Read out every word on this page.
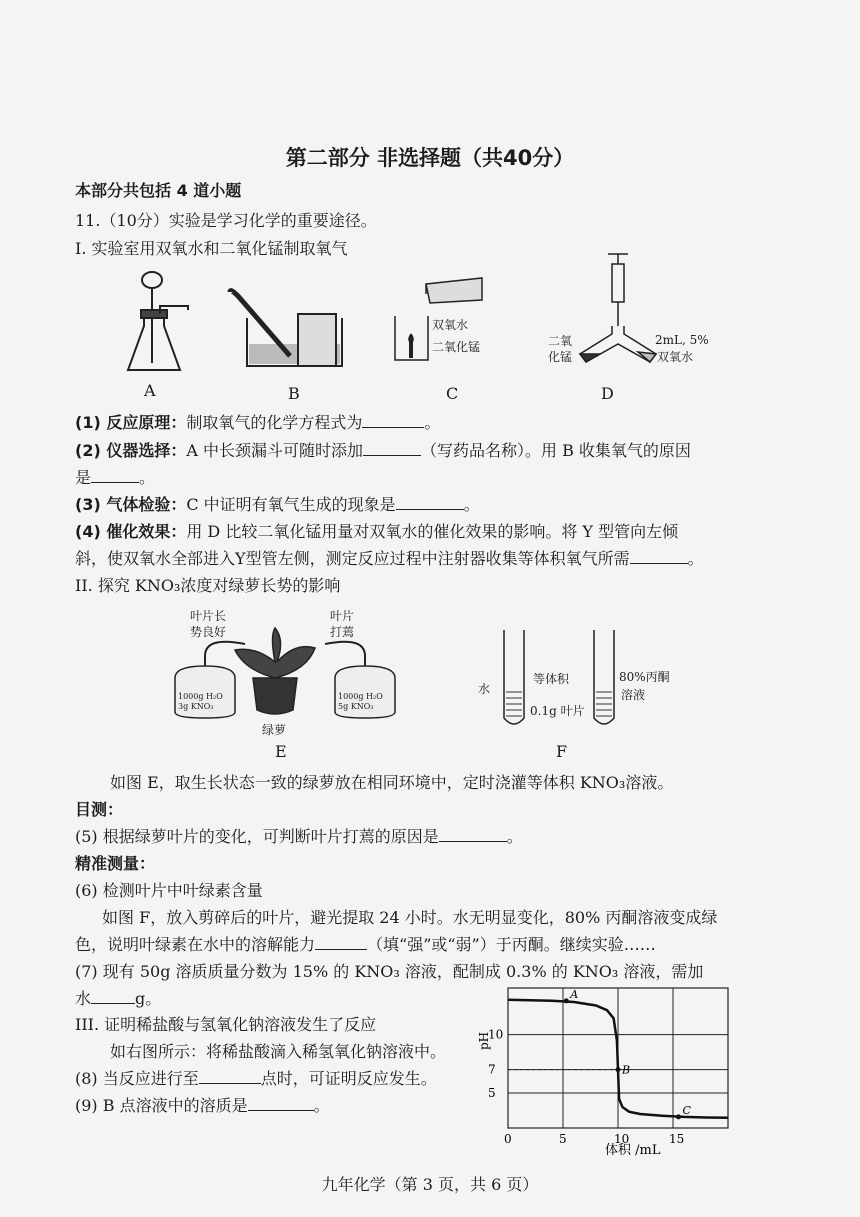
第二部分 非选择题（共40分）
本部分共包括 4 道小题
11.（10分）实验是学习化学的重要途径。
I. 实验室用双氧水和二氧化锰制取氧气
A	B	C	D
双氧水
二氧化锰	二氧
化锰
2mL, 5%
双氧水
(1) 反应原理：制取氧气的化学方程式为	。
(2) 仪器选择：A 中长颈漏斗可随时添加	（写药品名称）。用 B 收集氧气的原因
是	。
(3) 气体检验：C 中证明有氧气生成的现象是	。
(4) 催化效果：用 D 比较二氧化锰用量对双氧水的催化效果的影响。将 Y 型管向左倾
斜，使双氧水全部进入Y型管左侧，测定反应过程中注射器收集等体积氧气所需	。
II. 探究 KNO₃浓度对绿萝长势的影响
叶片长
势良好
叶片
打蔫
1000g H₂O
3g KNO₃
1000g H₂O
5g KNO₃
绿萝
E
水
等体积
0.1g 叶片
80%丙酮
溶液
F
如图 E，取生长状态一致的绿萝放在相同环境中，定时浇灌等体积 KNO₃溶液。
目测：
(5) 根据绿萝叶片的变化，可判断叶片打蔫的原因是	。
精准测量：
(6) 检测叶片中叶绿素含量
如图 F，放入剪碎后的叶片，避光提取 24 小时。水无明显变化，80% 丙酮溶液变成绿
色，说明叶绿素在水中的溶解能力	（填“强”或“弱”）于丙酮。继续实验……
(7) 现有 50g 溶质质量分数为 15% 的 KNO₃ 溶液，配制成 0.3% 的 KNO₃ 溶液，需加
水	g。
III. 证明稀盐酸与氢氧化钠溶液发生了反应
如右图所示：将稀盐酸滴入稀氢氧化钠溶液中。
(8) 当反应进行至	点时，可证明反应发生。
(9) B 点溶液中的溶质是	。
A
B
C
0	5	10	15
5
7
10
pH
体积 /mL
九年化学（第 3 页，共 6 页）
